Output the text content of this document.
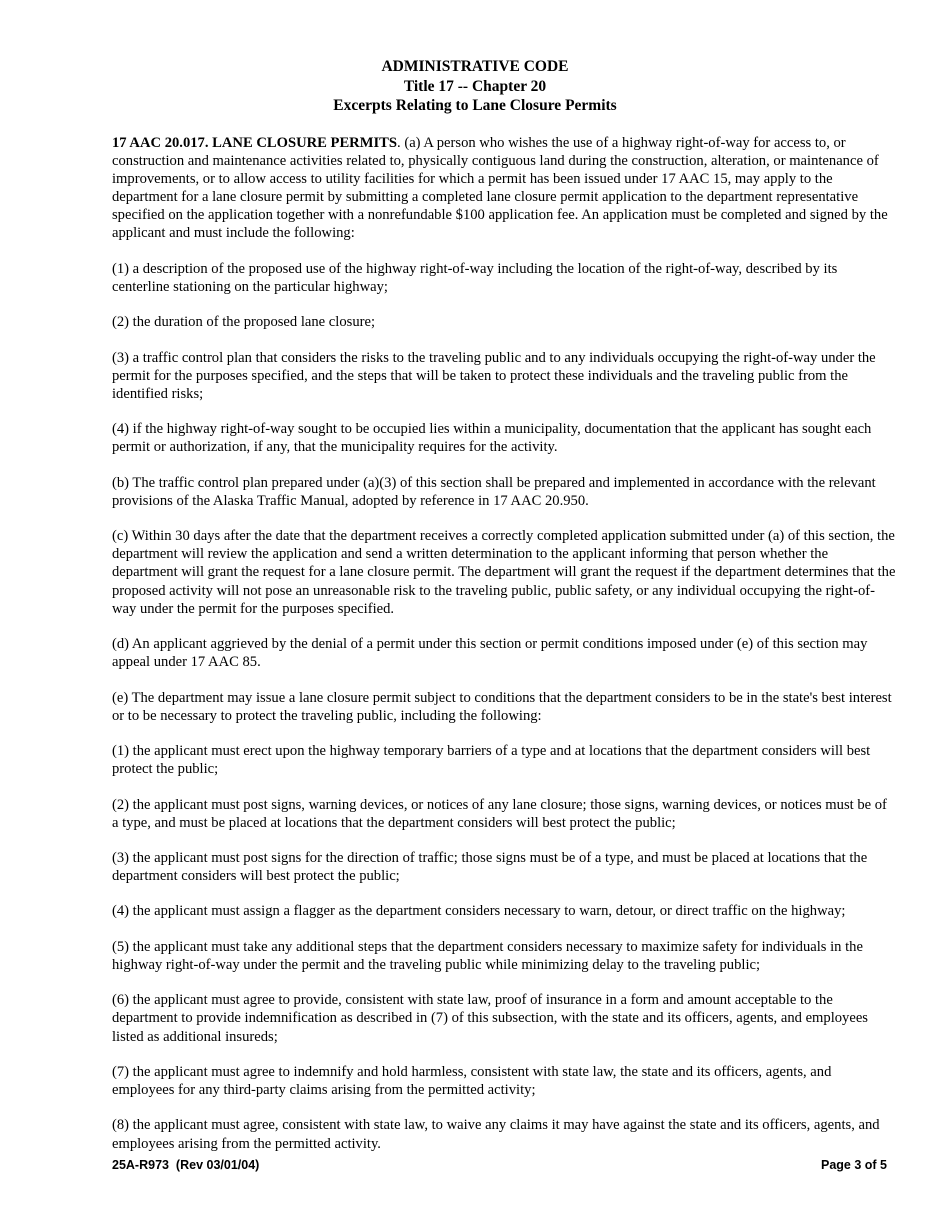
ADMINISTRATIVE CODE
Title 17 -- Chapter 20
Excerpts Relating to Lane Closure Permits

17 AAC 20.017. LANE CLOSURE PERMITS. (a) A person who wishes the use of a highway right-of-way for access to, or construction and maintenance activities related to, physically contiguous land during the construction, alteration, or maintenance of improvements, or to allow access to utility facilities for which a permit has been issued under 17 AAC 15, may apply to the department for a lane closure permit by submitting a completed lane closure permit application to the department representative specified on the application together with a nonrefundable $100 application fee. An application must be completed and signed by the applicant and must include the following:

(1) a description of the proposed use of the highway right-of-way including the location of the right-of-way, described by its centerline stationing on the particular highway;

(2) the duration of the proposed lane closure;

(3) a traffic control plan that considers the risks to the traveling public and to any individuals occupying the right-of-way under the permit for the purposes specified, and the steps that will be taken to protect these individuals and the traveling public from the identified risks;

(4) if the highway right-of-way sought to be occupied lies within a municipality, documentation that the applicant has sought each permit or authorization, if any, that the municipality requires for the activity.

(b) The traffic control plan prepared under (a)(3) of this section shall be prepared and implemented in accordance with the relevant provisions of the Alaska Traffic Manual, adopted by reference in 17 AAC 20.950.

(c) Within 30 days after the date that the department receives a correctly completed application submitted under (a) of this section, the department will review the application and send a written determination to the applicant informing that person whether the department will grant the request for a lane closure permit. The department will grant the request if the department determines that the proposed activity will not pose an unreasonable risk to the traveling public, public safety, or any individual occupying the right-of-way under the permit for the purposes specified.

(d) An applicant aggrieved by the denial of a permit under this section or permit conditions imposed under (e) of this section may appeal under 17 AAC 85.

(e) The department may issue a lane closure permit subject to conditions that the department considers to be in the state's best interest or to be necessary to protect the traveling public, including the following:

(1) the applicant must erect upon the highway temporary barriers of a type and at locations that the department considers will best protect the public;

(2) the applicant must post signs, warning devices, or notices of any lane closure; those signs, warning devices, or notices must be of a type, and must be placed at locations that the department considers will best protect the public;

(3) the applicant must post signs for the direction of traffic; those signs must be of a type, and must be placed at locations that the department considers will best protect the public;

(4) the applicant must assign a flagger as the department considers necessary to warn, detour, or direct traffic on the highway;

(5) the applicant must take any additional steps that the department considers necessary to maximize safety for individuals in the highway right-of-way under the permit and the traveling public while minimizing delay to the traveling public;

(6) the applicant must agree to provide, consistent with state law, proof of insurance in a form and amount acceptable to the department to provide indemnification as described in (7) of this subsection, with the state and its officers, agents, and employees listed as additional insureds;

(7) the applicant must agree to indemnify and hold harmless, consistent with state law, the state and its officers, agents, and employees for any third-party claims arising from the permitted activity;

(8) the applicant must agree, consistent with state law, to waive any claims it may have against the state and its officers, agents, and employees arising from the permitted activity.

25A-R973  (Rev 03/01/04)	Page 3 of 5
